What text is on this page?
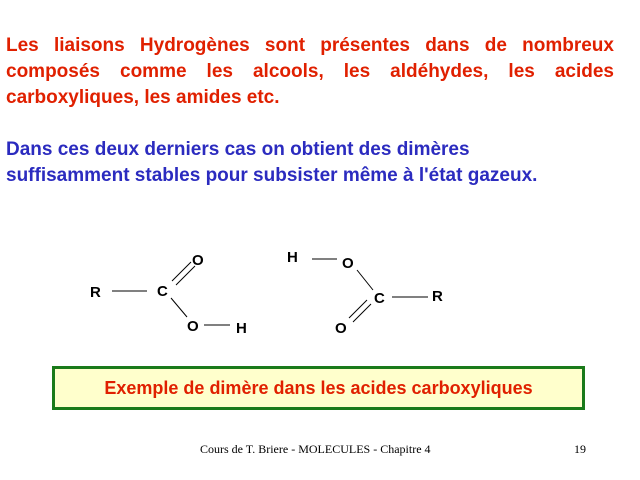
Les liaisons Hydrogènes sont présentes dans de nombreux
composés comme les alcools, les aldéhydes, les acides
carboxyliques, les amides etc.
Dans ces deux derniers cas on obtient des dimères
suffisamment stables pour subsister même à l'état gazeux.
R	C
O
O H
H	O
C	R
O
Exemple de dimère dans les acides carboxyliques
Cours de T. Briere - MOLECULES - Chapitre 4	19
